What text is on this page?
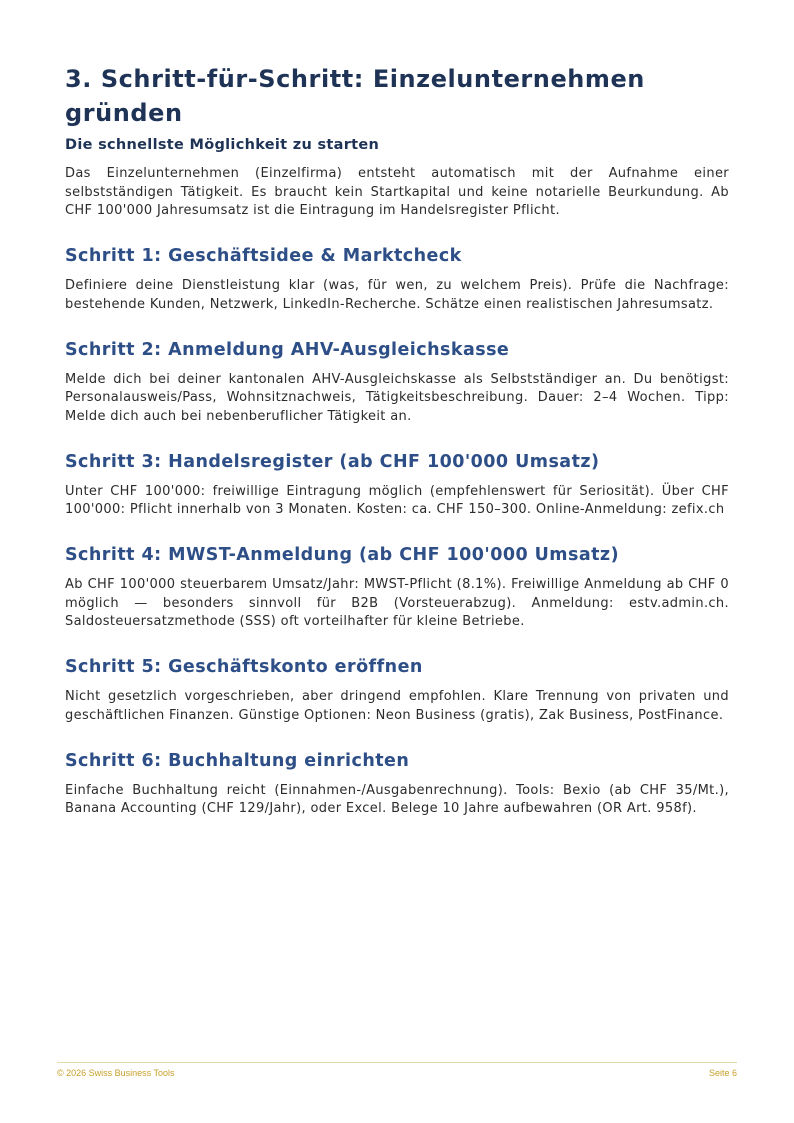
3. Schritt-für-Schritt: Einzelunternehmen gründen
Die schnellste Möglichkeit zu starten

Das Einzelunternehmen (Einzelfirma) entsteht automatisch mit der Aufnahme einer selbstständigen Tätigkeit. Es braucht kein Startkapital und keine notarielle Beurkundung. Ab CHF 100'000 Jahresumsatz ist die Eintragung im Handelsregister Pflicht.

Schritt 1: Geschäftsidee & Marktcheck

Definiere deine Dienstleistung klar (was, für wen, zu welchem Preis). Prüfe die Nachfrage: bestehende Kunden, Netzwerk, LinkedIn-Recherche. Schätze einen realistischen Jahresumsatz.

Schritt 2: Anmeldung AHV-Ausgleichskasse

Melde dich bei deiner kantonalen AHV-Ausgleichskasse als Selbstständiger an. Du benötigst: Personalausweis/Pass, Wohnsitznachweis, Tätigkeitsbeschreibung. Dauer: 2–4 Wochen. Tipp: Melde dich auch bei nebenberuflicher Tätigkeit an.

Schritt 3: Handelsregister (ab CHF 100'000 Umsatz)

Unter CHF 100'000: freiwillige Eintragung möglich (empfehlenswert für Seriosität). Über CHF 100'000: Pflicht innerhalb von 3 Monaten. Kosten: ca. CHF 150–300. Online-Anmeldung: zefix.ch

Schritt 4: MWST-Anmeldung (ab CHF 100'000 Umsatz)

Ab CHF 100'000 steuerbarem Umsatz/Jahr: MWST-Pflicht (8.1%). Freiwillige Anmeldung ab CHF 0 möglich — besonders sinnvoll für B2B (Vorsteuerabzug). Anmeldung: estv.admin.ch. Saldosteuersatzmethode (SSS) oft vorteilhafter für kleine Betriebe.

Schritt 5: Geschäftskonto eröffnen

Nicht gesetzlich vorgeschrieben, aber dringend empfohlen. Klare Trennung von privaten und geschäftlichen Finanzen. Günstige Optionen: Neon Business (gratis), Zak Business, PostFinance.

Schritt 6: Buchhaltung einrichten

Einfache Buchhaltung reicht (Einnahmen-/Ausgabenrechnung). Tools: Bexio (ab CHF 35/Mt.), Banana Accounting (CHF 129/Jahr), oder Excel. Belege 10 Jahre aufbewahren (OR Art. 958f).

© 2026 Swiss Business Tools	Seite 6
